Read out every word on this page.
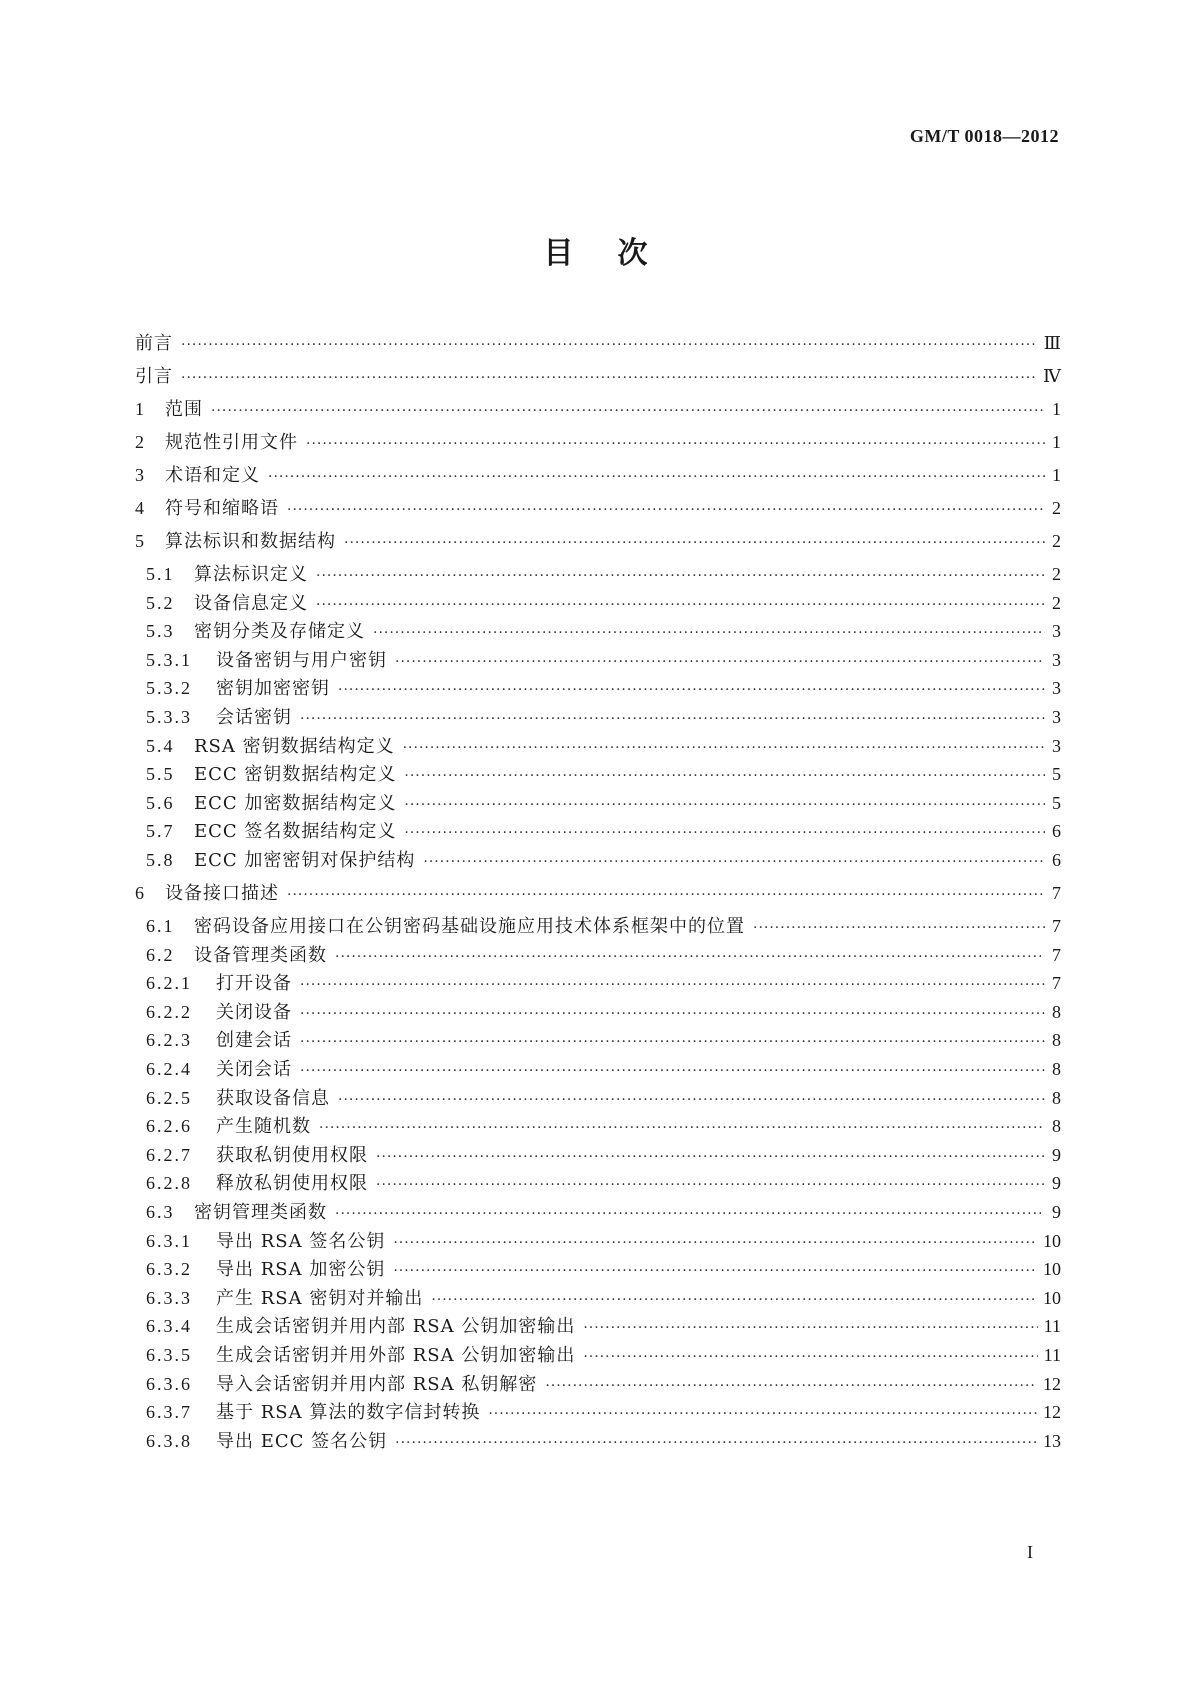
GM/T 0018—2012
目次
前言 ·····	Ⅲ
引言 ·····	Ⅳ
1	范围 ·····	1
2	规范性引用文件 ·····	1
3	术语和定义 ·····	1
4	符号和缩略语 ·····	2
5	算法标识和数据结构 ·····	2
5.1	算法标识定义 ·····	2
5.2	设备信息定义 ·····	2
5.3	密钥分类及存储定义 ·····	3
5.3.1	设备密钥与用户密钥 ·····	3
5.3.2	密钥加密密钥 ·····	3
5.3.3	会话密钥 ·····	3
5.4	RSA 密钥数据结构定义 ·····	3
5.5	ECC 密钥数据结构定义 ·····	5
5.6	ECC 加密数据结构定义 ·····	5
5.7	ECC 签名数据结构定义 ·····	6
5.8	ECC 加密密钥对保护结构 ·····	6
6	设备接口描述 ·····	7
6.1	密码设备应用接口在公钥密码基础设施应用技术体系框架中的位置 ·····	7
6.2	设备管理类函数 ·····	7
6.2.1	打开设备 ·····	7
6.2.2	关闭设备 ·····	8
6.2.3	创建会话 ·····	8
6.2.4	关闭会话 ·····	8
6.2.5	获取设备信息 ·····	8
6.2.6	产生随机数 ·····	8
6.2.7	获取私钥使用权限 ·····	9
6.2.8	释放私钥使用权限 ·····	9
6.3	密钥管理类函数 ·····	9
6.3.1	导出 RSA 签名公钥 ·····	10
6.3.2	导出 RSA 加密公钥 ·····	10
6.3.3	产生 RSA 密钥对并输出 ·····	10
6.3.4	生成会话密钥并用内部 RSA 公钥加密输出 ·····	11
6.3.5	生成会话密钥并用外部 RSA 公钥加密输出 ·····	11
6.3.6	导入会话密钥并用内部 RSA 私钥解密 ·····	12
6.3.7	基于 RSA 算法的数字信封转换 ·····	12
6.3.8	导出 ECC 签名公钥 ·····	13
I
